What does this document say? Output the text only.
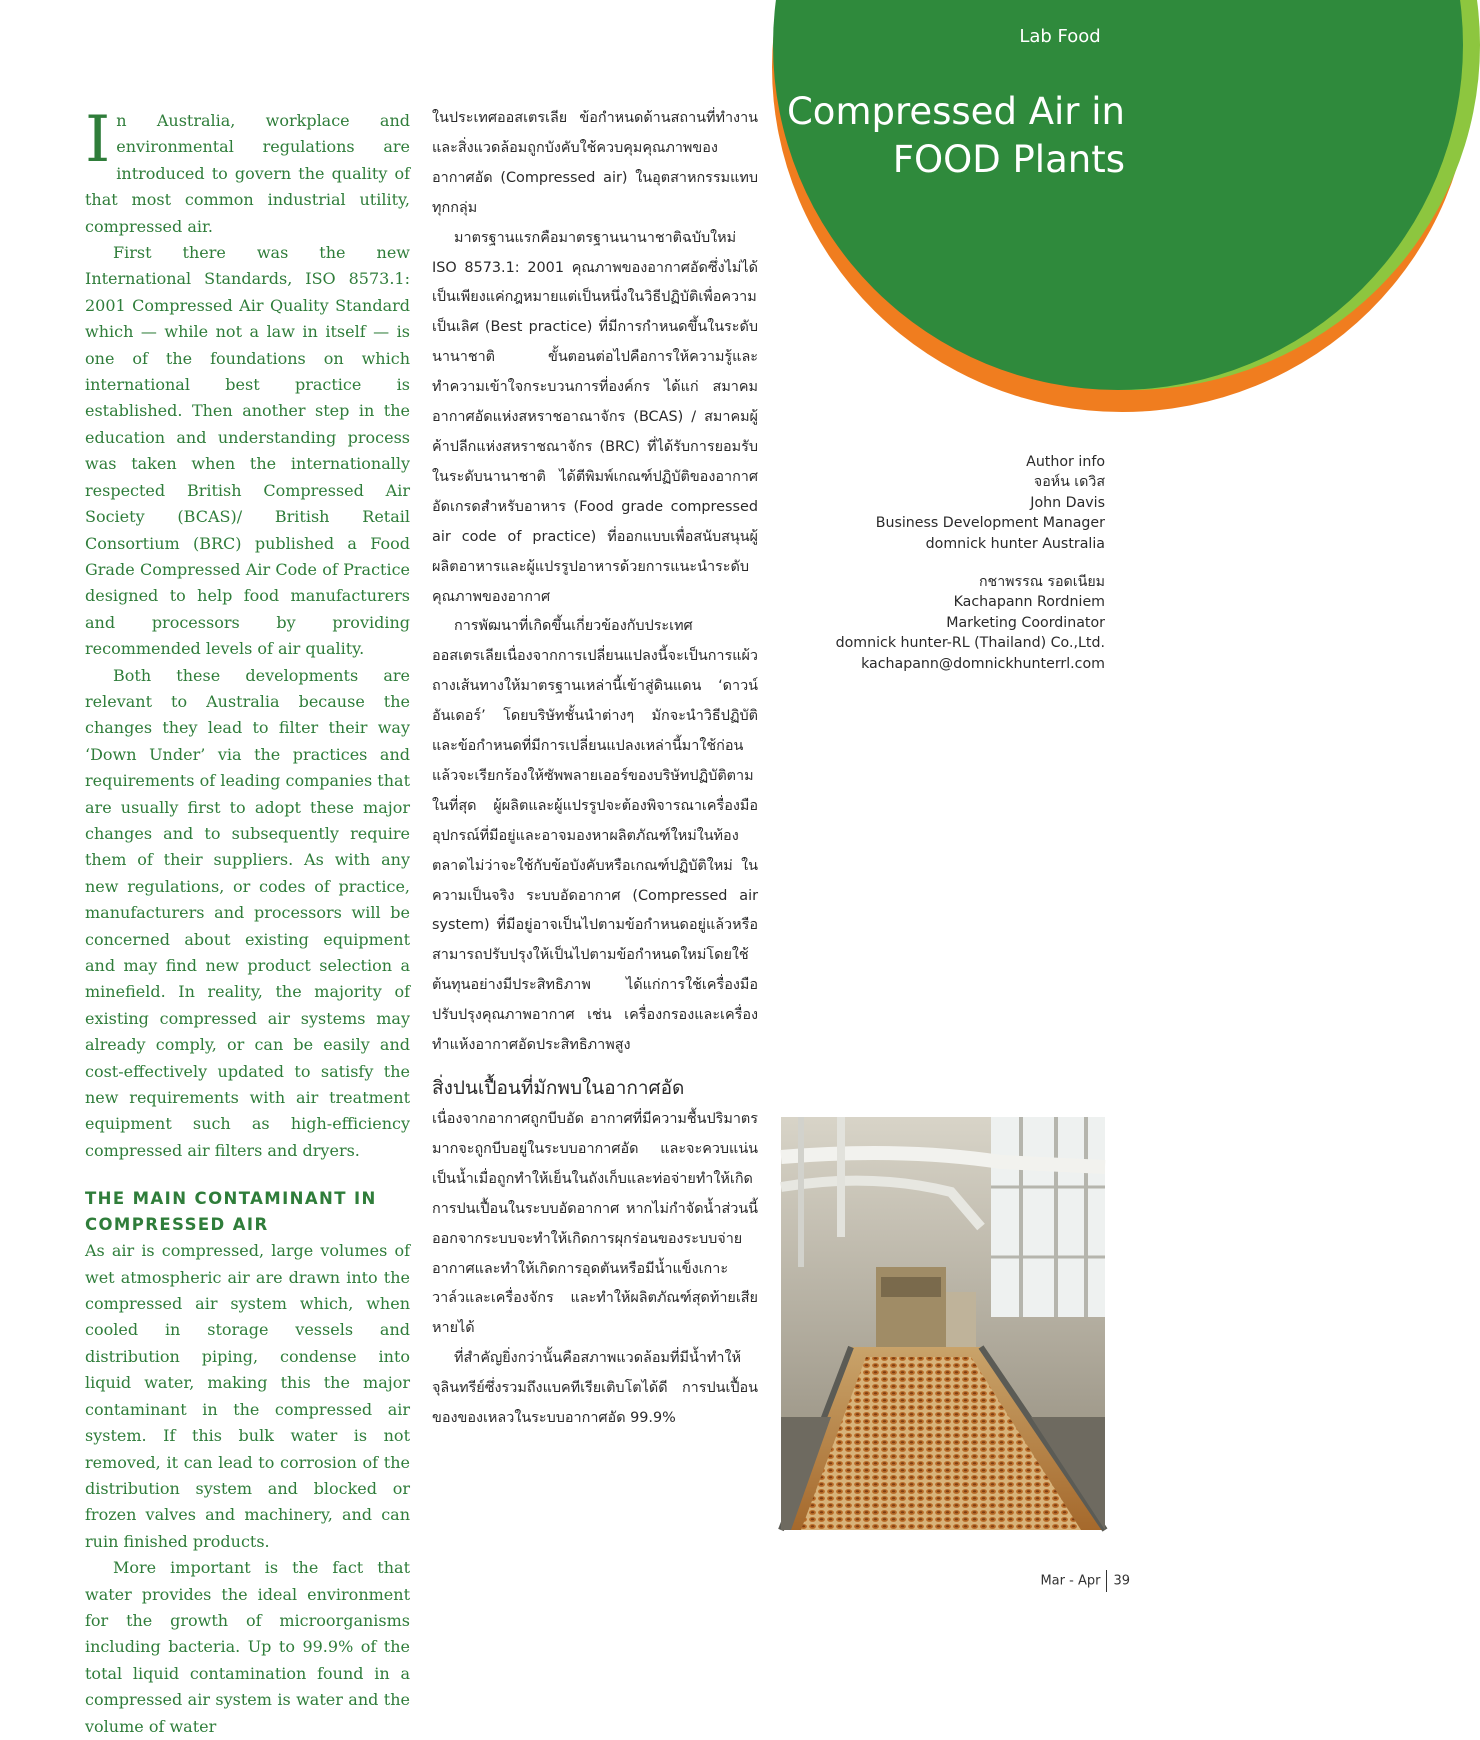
Lab Food
Compressed Air in
FOOD Plants

In Australia, workplace and environmental regulations are introduced to govern the quality of that most common industrial utility, compressed air.

First there was the new International Standards, ISO 8573.1: 2001 Compressed Air Quality Standard which — while not a law in itself — is one of the foundations on which international best practice is established. Then another step in the education and understanding process was taken when the internationally respected British Compressed Air Society (BCAS)/ British Retail Consortium (BRC) published a Food Grade Compressed Air Code of Practice designed to help food manufacturers and processors by providing recommended levels of air quality.

Both these developments are relevant to Australia because the changes they lead to filter their way ‘Down Under’ via the practices and requirements of leading companies that are usually first to adopt these major changes and to subsequently require them of their suppliers. As with any new regulations, or codes of practice, manufacturers and processors will be concerned about existing equipment and may find new product selection a minefield. In reality, the majority of existing compressed air systems may already comply, or can be easily and cost-effectively updated to satisfy the new requirements with air treatment equipment such as high-efficiency compressed air filters and dryers.

THE MAIN CONTAMINANT IN COMPRESSED AIR

As air is compressed, large volumes of wet atmospheric air are drawn into the compressed air system which, when cooled in storage vessels and distribution piping, condense into liquid water, making this the major contaminant in the compressed air system. If this bulk water is not removed, it can lead to corrosion of the distribution system and blocked or frozen valves and machinery, and can ruin finished products.

More important is the fact that water provides the ideal environment for the growth of microorganisms including bacteria. Up to 99.9% of the total liquid contamination found in a compressed air system is water and the volume of water

ในประเทศออสเตรเลีย ข้อกำหนดด้านสถานที่ทำงานและสิ่งแวดล้อมถูกบังคับใช้ควบคุมคุณภาพของอากาศอัด (Compressed air) ในอุตสาหกรรมแทบทุกกลุ่ม

มาตรฐานแรกคือมาตรฐานนานาชาติฉบับใหม่ ISO 8573.1: 2001 คุณภาพของอากาศอัดซึ่งไม่ได้เป็นเพียงแค่กฎหมายแต่เป็นหนึ่งในวิธีปฏิบัติเพื่อความเป็นเลิศ (Best practice) ที่มีการกำหนดขึ้นในระดับนานาชาติ ขั้นตอนต่อไปคือการให้ความรู้และทำความเข้าใจกระบวนการที่องค์กร ได้แก่ สมาคมอากาศอัดแห่งสหราชอาณาจักร (BCAS) / สมาคมผู้ค้าปลีกแห่งสหราชณาจักร (BRC) ที่ได้รับการยอมรับในระดับนานาชาติ ได้ตีพิมพ์เกณฑ์ปฏิบัติของอากาศอัดเกรดสำหรับอาหาร (Food grade compressed air code of practice) ที่ออกแบบเพื่อสนับสนุนผู้ผลิตอาหารและผู้แปรรูปอาหารด้วยการแนะนำระดับคุณภาพของอากาศ

การพัฒนาที่เกิดขึ้นเกี่ยวข้องกับประเทศออสเตรเลียเนื่องจากการเปลี่ยนแปลงนี้จะเป็นการแผ้วถางเส้นทางให้มาตรฐานเหล่านี้เข้าสู่ดินแดน ‘ดาวน์อันเดอร์’ โดยบริษัทชั้นนำต่างๆ มักจะนำวิธีปฏิบัติและข้อกำหนดที่มีการเปลี่ยนแปลงเหล่านี้มาใช้ก่อน แล้วจะเรียกร้องให้ซัพพลายเออร์ของบริษัทปฏิบัติตามในที่สุด ผู้ผลิตและผู้แปรรูปจะต้องพิจารณาเครื่องมืออุปกรณ์ที่มีอยู่และอาจมองหาผลิตภัณฑ์ใหม่ในท้องตลาดไม่ว่าจะใช้กับข้อบังคับหรือเกณฑ์ปฏิบัติใหม่ ในความเป็นจริง ระบบอัดอากาศ (Compressed air system) ที่มีอยู่อาจเป็นไปตามข้อกำหนดอยู่แล้วหรือสามารถปรับปรุงให้เป็นไปตามข้อกำหนดใหม่โดยใช้ต้นทุนอย่างมีประสิทธิภาพ ได้แก่การใช้เครื่องมือปรับปรุงคุณภาพอากาศ เช่น เครื่องกรองและเครื่องทำแห้งอากาศอัดประสิทธิภาพสูง

สิ่งปนเปื้อนที่มักพบในอากาศอัด

เนื่องจากอากาศถูกบีบอัด อากาศที่มีความชื้นปริมาตรมากจะถูกบีบอยู่ในระบบอากาศอัด และจะควบแน่นเป็นน้ำเมื่อถูกทำให้เย็นในถังเก็บและท่อจ่ายทำให้เกิดการปนเปื้อนในระบบอัดอากาศ หากไม่กำจัดน้ำส่วนนี้ออกจากระบบจะทำให้เกิดการผุกร่อนของระบบจ่ายอากาศและทำให้เกิดการอุดตันหรือมีน้ำแข็งเกาะวาล์วและเครื่องจักร และทำให้ผลิตภัณฑ์สุดท้ายเสียหายได้

ที่สำคัญยิ่งกว่านั้นคือสภาพแวดล้อมที่มีน้ำทำให้จุลินทรีย์ซึ่งรวมถึงแบคทีเรียเติบโตได้ดี การปนเปื้อนของของเหลวในระบบอากาศอัด 99.9%

Author info
จอห์น เดวิส
John Davis
Business Development Manager
domnick hunter Australia
กชาพรรณ รอดเนียม
Kachapann Rordniem
Marketing Coordinator
domnick hunter-RL (Thailand) Co.,Ltd.
kachapann@domnickhunterrl.com
Mar - Apr 39
